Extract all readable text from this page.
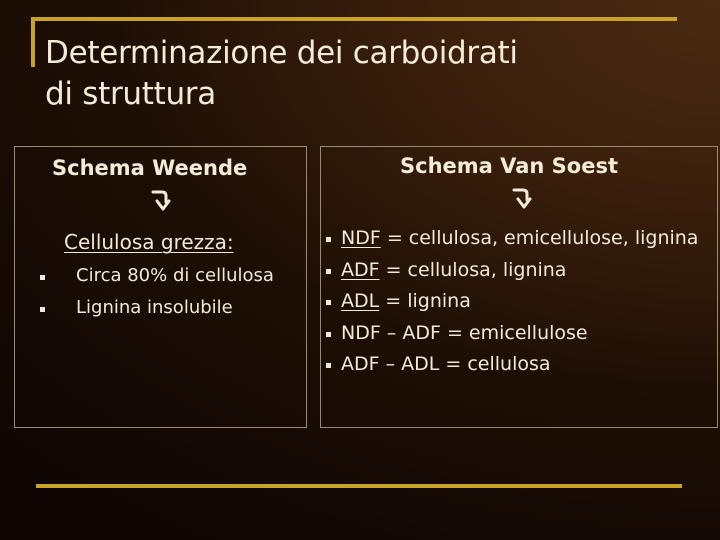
Determinazione dei carboidrati
di struttura
Schema Weende
Cellulosa grezza:
Circa 80% di cellulosa
Lignina insolubile
Schema Van Soest
NDF = cellulosa, emicellulose, lignina
ADF = cellulosa, lignina
ADL = lignina
NDF – ADF = emicellulose
ADF – ADL = cellulosa
